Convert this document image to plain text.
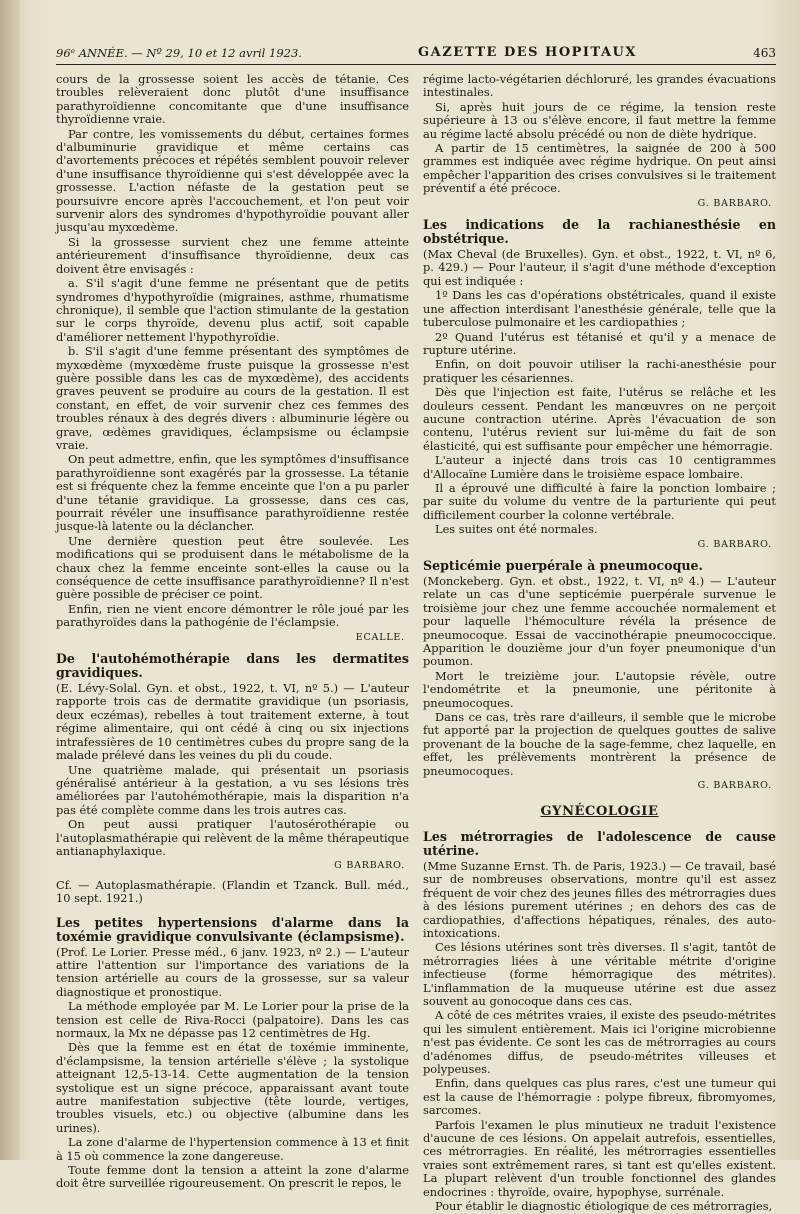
96ᵉ ANNÉE. — Nº 29, 10 et 12 avril 1923.	GAZETTE DES HOPITAUX	463

cours de la grossesse soient les accès de tétanie. Ces troubles relèveraient donc plutôt d'une insuffisance parathyroïdienne concomitante que d'une insuffisance thyroïdienne vraie.

Par contre, les vomissements du début, certaines formes d'albuminurie gravidique et même certains cas d'avortements précoces et répétés semblent pouvoir relever d'une insuffisance thyroïdienne qui s'est développée avec la grossesse. L'action néfaste de la gestation peut se poursuivre encore après l'accouchement, et l'on peut voir survenir alors des syndromes d'hypothyroïdie pouvant aller jusqu'au myxœdème.

Si la grossesse survient chez une femme atteinte antérieurement d'insuffisance thyroïdienne, deux cas doivent être envisagés :

a. S'il s'agit d'une femme ne présentant que de petits syndromes d'hypothyroïdie (migraines, asthme, rhumatisme chronique), il semble que l'action stimulante de la gestation sur le corps thyroïde, devenu plus actif, soit capable d'améliorer nettement l'hypothyroïdie.

b. S'il s'agit d'une femme présentant des symptômes de myxœdème (myxœdème fruste puisque la grossesse n'est guère possible dans les cas de myxœdème), des accidents graves peuvent se produire au cours de la gestation. Il est constant, en effet, de voir survenir chez ces femmes des troubles rénaux à des degrés divers : albuminurie légère ou grave, œdèmes gravidiques, éclampsisme ou éclampsie vraie.

On peut admettre, enfin, que les symptômes d'insuffisance parathyroïdienne sont exagérés par la grossesse. La tétanie est si fréquente chez la femme enceinte que l'on a pu parler d'une tétanie gravidique. La grossesse, dans ces cas, pourrait révéler une insuffisance parathyroïdienne restée jusque-là latente ou la déclancher.

Une dernière question peut être soulevée. Les modifications qui se produisent dans le métabolisme de la chaux chez la femme enceinte sont-elles la cause ou la conséquence de cette insuffisance parathyroïdienne? Il n'est guère possible de préciser ce point.

Enfin, rien ne vient encore démontrer le rôle joué par les parathyroïdes dans la pathogénie de l'éclampsie.

ECALLE.
De l'autohémothérapie dans les dermatites gravidiques.

(E. Lévy-Solal. Gyn. et obst., 1922, t. VI, nº 5.) — L'auteur rapporte trois cas de dermatite gravidique (un psoriasis, deux eczémas), rebelles à tout traitement externe, à tout régime alimentaire, qui ont cédé à cinq ou six injections intrafessières de 10 centimètres cubes du propre sang de la malade prélevé dans les veines du pli du coude.

Une quatrième malade, qui présentait un psoriasis généralisé antérieur à la gestation, a vu ses lésions très améliorées par l'autohémothérapie, mais la disparition n'a pas été complète comme dans les trois autres cas.

On peut aussi pratiquer l'autosérothérapie ou l'autoplasmathérapie qui relèvent de la même thérapeutique antianaphylaxique.

G BARBARO.

Cf. — Autoplasmathérapie. (Flandin et Tzanck. Bull. méd., 10 sept. 1921.)

Les petites hypertensions d'alarme dans la toxémie gravidique convulsivante (éclampsisme).

(Prof. Le Lorier. Presse méd., 6 janv. 1923, nº 2.) — L'auteur attire l'attention sur l'importance des variations de la tension artérielle au cours de la grossesse, sur sa valeur diagnostique et pronostique.

La méthode employée par M. Le Lorier pour la prise de la tension est celle de Riva-Rocci (palpatoire). Dans les cas normaux, la Mx ne dépasse pas 12 centimètres de Hg.

Dès que la femme est en état de toxémie imminente, d'éclampsisme, la tension artérielle s'élève ; la systolique atteignant 12,5-13-14. Cette augmentation de la tension systolique est un signe précoce, apparaissant avant toute autre manifestation subjective (tête lourde, vertiges, troubles visuels, etc.) ou objective (albumine dans les urines).

La zone d'alarme de l'hypertension commence à 13 et finit à 15 où commence la zone dangereuse.

Toute femme dont la tension a atteint la zone d'alarme doit être surveillée rigoureusement. On prescrit le repos, le

régime lacto-végétarien déchloruré, les grandes évacuations intestinales.

Si, après huit jours de ce régime, la tension reste supérieure à 13 ou s'élève encore, il faut mettre la femme au régime lacté absolu précédé ou non de diète hydrique.

A partir de 15 centimètres, la saignée de 200 à 500 grammes est indiquée avec régime hydrique. On peut ainsi empêcher l'apparition des crises convulsives si le traitement préventif a été précoce.

G. BARBARO.
Les indications de la rachianesthésie en obstétrique.

(Max Cheval (de Bruxelles). Gyn. et obst., 1922, t. VI, nº 6, p. 429.) — Pour l'auteur, il s'agit d'une méthode d'exception qui est indiquée :

1º Dans les cas d'opérations obstétricales, quand il existe une affection interdisant l'anesthésie générale, telle que la tuberculose pulmonaire et les cardiopathies ;

2º Quand l'utérus est tétanisé et qu'il y a menace de rupture utérine.

Enfin, on doit pouvoir utiliser la rachi-anesthésie pour pratiquer les césariennes.

Dès que l'injection est faite, l'utérus se relâche et les douleurs cessent. Pendant les manœuvres on ne perçoit aucune contraction utérine. Après l'évacuation de son contenu, l'utérus revient sur lui-même du fait de son élasticité, qui est suffisante pour empêcher une hémorragie.

L'auteur a injecté dans trois cas 10 centigrammes d'Allocaïne Lumière dans le troisième espace lombaire.

Il a éprouvé une difficulté à faire la ponction lombaire ; par suite du volume du ventre de la parturiente qui peut difficilement courber la colonne vertébrale.

Les suites ont été normales.

G. BARBARO.
Septicémie puerpérale à pneumocoque.

(Monckeberg. Gyn. et obst., 1922, t. VI, nº 4.) — L'auteur relate un cas d'une septicémie puerpérale survenue le troisième jour chez une femme accouchée normalement et pour laquelle l'hémoculture révéla la présence de pneumocoque. Essai de vaccinothérapie pneumococcique. Apparition le douzième jour d'un foyer pneumonique d'un poumon.

Mort le treizième jour. L'autopsie révèle, outre l'endométrite et la pneumonie, une péritonite à pneumocoques.

Dans ce cas, très rare d'ailleurs, il semble que le microbe fut apporté par la projection de quelques gouttes de salive provenant de la bouche de la sage-femme, chez laquelle, en effet, les prélèvements montrèrent la présence de pneumocoques.

G. BARBARO.
GYNÉCOLOGIE
Les métrorragies de l'adolescence de cause utérine.

(Mme Suzanne Ernst. Th. de Paris, 1923.) — Ce travail, basé sur de nombreuses observations, montre qu'il est assez fréquent de voir chez des jeunes filles des métrorragies dues à des lésions purement utérines ; en dehors des cas de cardiopathies, d'affections hépatiques, rénales, des auto-intoxications.

Ces lésions utérines sont très diverses. Il s'agit, tantôt de métrorragies liées à une véritable métrite d'origine infectieuse (forme hémorragique des métrites). L'inflammation de la muqueuse utérine est due assez souvent au gonocoque dans ces cas.

A côté de ces métrites vraies, il existe des pseudo-métrites qui les simulent entièrement. Mais ici l'origine microbienne n'est pas évidente. Ce sont les cas de métrorragies au cours d'adénomes diffus, de pseudo-métrites villeuses et polypeuses.

Enfin, dans quelques cas plus rares, c'est une tumeur qui est la cause de l'hémorragie : polype fibreux, fibromyomes, sarcomes.

Parfois l'examen le plus minutieux ne traduit l'existence d'aucune de ces lésions. On appelait autrefois, essentielles, ces métrorragies. En réalité, les métrorragies essentielles vraies sont extrêmement rares, si tant est qu'elles existent. La plupart relèvent d'un trouble fonctionnel des glandes endocrines : thyroïde, ovaire, hypophyse, surrénale.

Pour établir le diagnostic étiologique de ces métrorragies,
